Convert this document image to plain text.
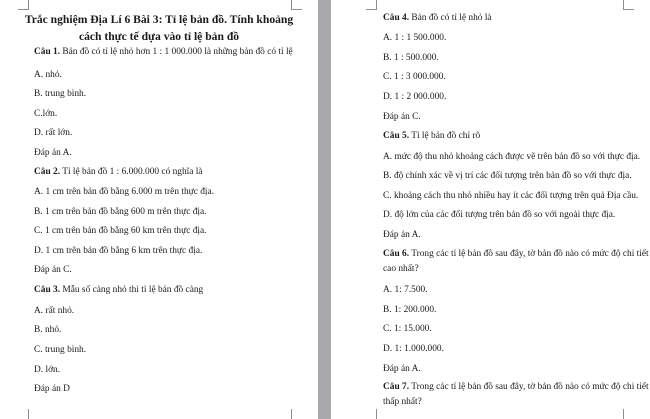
Trắc nghiệm Địa Lí 6 Bài 3: Tỉ lệ bản đồ. Tính khoảng
cách thực tế dựa vào tỉ lệ bản đồ
Câu 1. Bản đồ có tỉ lệ nhỏ hơn 1 : 1 000.000 là những bản đồ có tỉ lệ
A. nhỏ.
B. trung bình.
C.lớn.
D. rất lớn.
Đáp án A.
Câu 2. Tỉ lệ bản đồ 1 : 6.000.000 có nghĩa là
A. 1 cm trên bản đồ bằng 6.000 m trên thực địa.
B. 1 cm trên bản đồ bằng 600 m trên thực địa.
C. 1 cm trên bản đồ bằng 60 km trên thực địa.
D. 1 cm trên bản đồ bằng 6 km trên thực địa.
Đáp án C.
Câu 3. Mẫu số càng nhỏ thì tỉ lệ bản đồ càng
A. rất nhỏ.
B. nhỏ.
C. trung bình.
D. lớn.
Đáp án D
Câu 4. Bản đồ có tỉ lệ nhỏ là
A. 1 : 1 500.000.
B. 1 : 500.000.
C. 1 : 3 000.000.
D. 1 : 2 000.000.
Đáp án C.
Câu 5. Tỉ lệ bản đồ chỉ rõ
A. mức độ thu nhỏ khoảng cách được vẽ trên bản đồ so với thực địa.
B. độ chính xác về vị trí các đối tượng trên bản đồ so với thực địa.
C. khoảng cách thu nhỏ nhiều hay ít các đối tượng trên quả Địa cầu.
D. độ lớn của các đối tượng trên bản đồ so với ngoài thực địa.
Đáp án A.
Câu 6. Trong các tỉ lệ bản đồ sau đây, tờ bản đồ nào có mức độ chi tiết
cao nhất?
A. 1: 7.500.
B. 1: 200.000.
C. 1: 15.000.
D. 1: 1.000.000.
Đáp án A.
Câu 7. Trong các tỉ lệ bản đồ sau đây, tờ bản đồ nào có mức độ chi tiết
thấp nhất?
